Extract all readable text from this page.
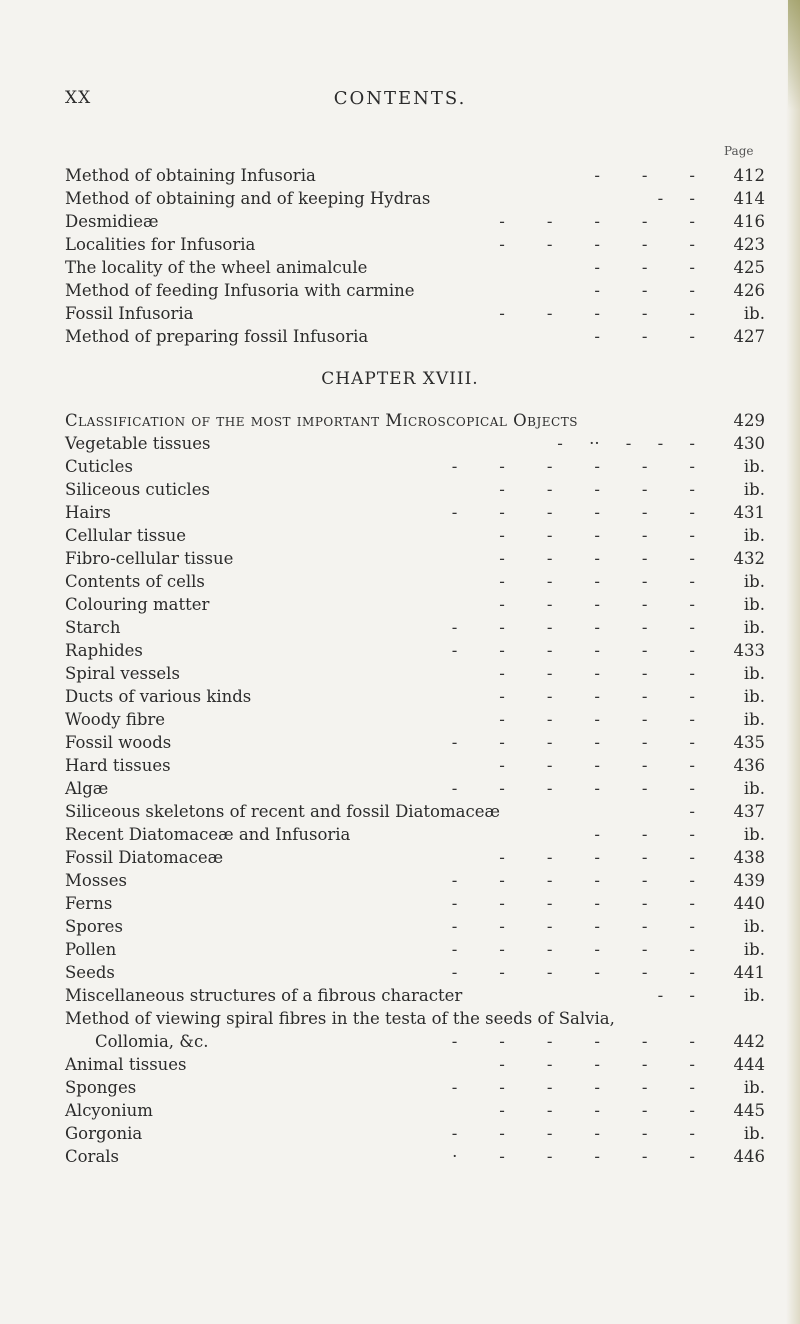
XX	CONTENTS.
Page
Method of obtaining Infusoria	-        -        -	412
Method of obtaining and of keeping Hydras	-     -	414
Desmidieæ	-        -        -        -        -	416
Localities for Infusoria	-        -        -        -        -	423
The locality of the wheel animalcule	-        -        -	425
Method of feeding Infusoria with carmine	-        -        -	426
Fossil Infusoria	-        -        -        -        -	ib.
Method of preparing fossil Infusoria	-        -        -	427
CHAPTER XVIII.
Classification of the most important Microscopical Objects	429
Vegetable tissues	-     ··     -     -     -	430
Cuticles	-        -        -        -        -        -	ib.
Siliceous cuticles	-        -        -        -        -	ib.
Hairs	-        -        -        -        -        -	431
Cellular tissue	-        -        -        -        -	ib.
Fibro-cellular tissue	-        -        -        -        -	432
Contents of cells	-        -        -        -        -	ib.
Colouring matter	-        -        -        -        -	ib.
Starch	-        -        -        -        -        -	ib.
Raphides	-        -        -        -        -        -	433
Spiral vessels	-        -        -        -        -	ib.
Ducts of various kinds	-        -        -        -        -	ib.
Woody fibre	-        -        -        -        -	ib.
Fossil woods	-        -        -        -        -        -	435
Hard tissues	-        -        -        -        -	436
Algæ	-        -        -        -        -        -	ib.
Siliceous skeletons of recent and fossil Diatomaceæ	-	437
Recent Diatomaceæ and Infusoria	-        -        -	ib.
Fossil Diatomaceæ	-        -        -        -        -	438
Mosses	-        -        -        -        -        -	439
Ferns	-        -        -        -        -        -	440
Spores	-        -        -        -        -        -	ib.
Pollen	-        -        -        -        -        -	ib.
Seeds	-        -        -        -        -        -	441
Miscellaneous structures of a fibrous character	-     -	ib.
Method of viewing spiral fibres in the testa of the seeds of Salvia,
Collomia, &c.	-        -        -        -        -        -	442
Animal tissues	-        -        -        -        -	444
Sponges	-        -        -        -        -        -	ib.
Alcyonium	-        -        -        -        -	445
Gorgonia	-        -        -        -        -        -	ib.
Corals	·        -        -        -        -        -	446
